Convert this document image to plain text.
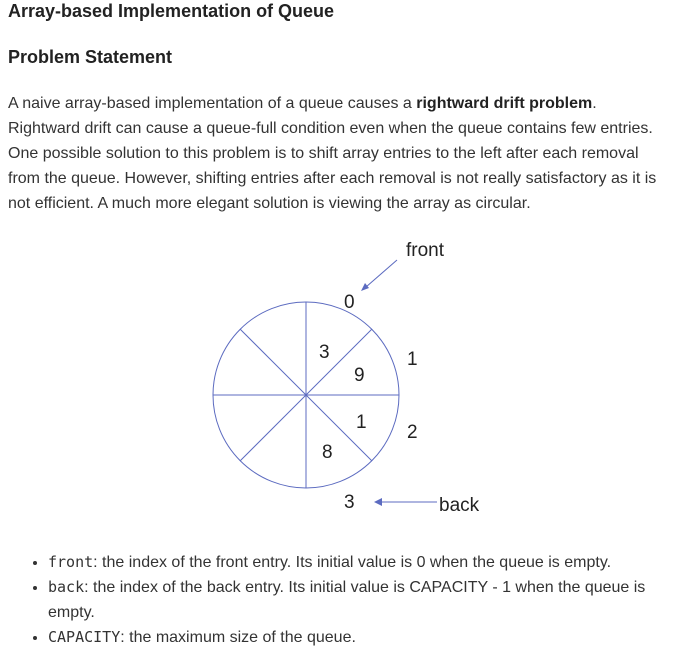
Array-based Implementation of Queue
Problem Statement

A naive array-based implementation of a queue causes a rightward drift problem. Rightward drift can cause a queue-full condition even when the queue contains few entries. One possible solution to this problem is to shift array entries to the left after each removal from the queue. However, shifting entries after each removal is not really satisfactory as it is not efficient. A much more elegant solution is viewing the array as circular.

front
back
0
1
2
3
3
9
1
8
• front: the index of the front entry. Its initial value is 0 when the queue is empty.
• back: the index of the back entry. Its initial value is CAPACITY - 1 when the queue is empty.
• CAPACITY: the maximum size of the queue.
